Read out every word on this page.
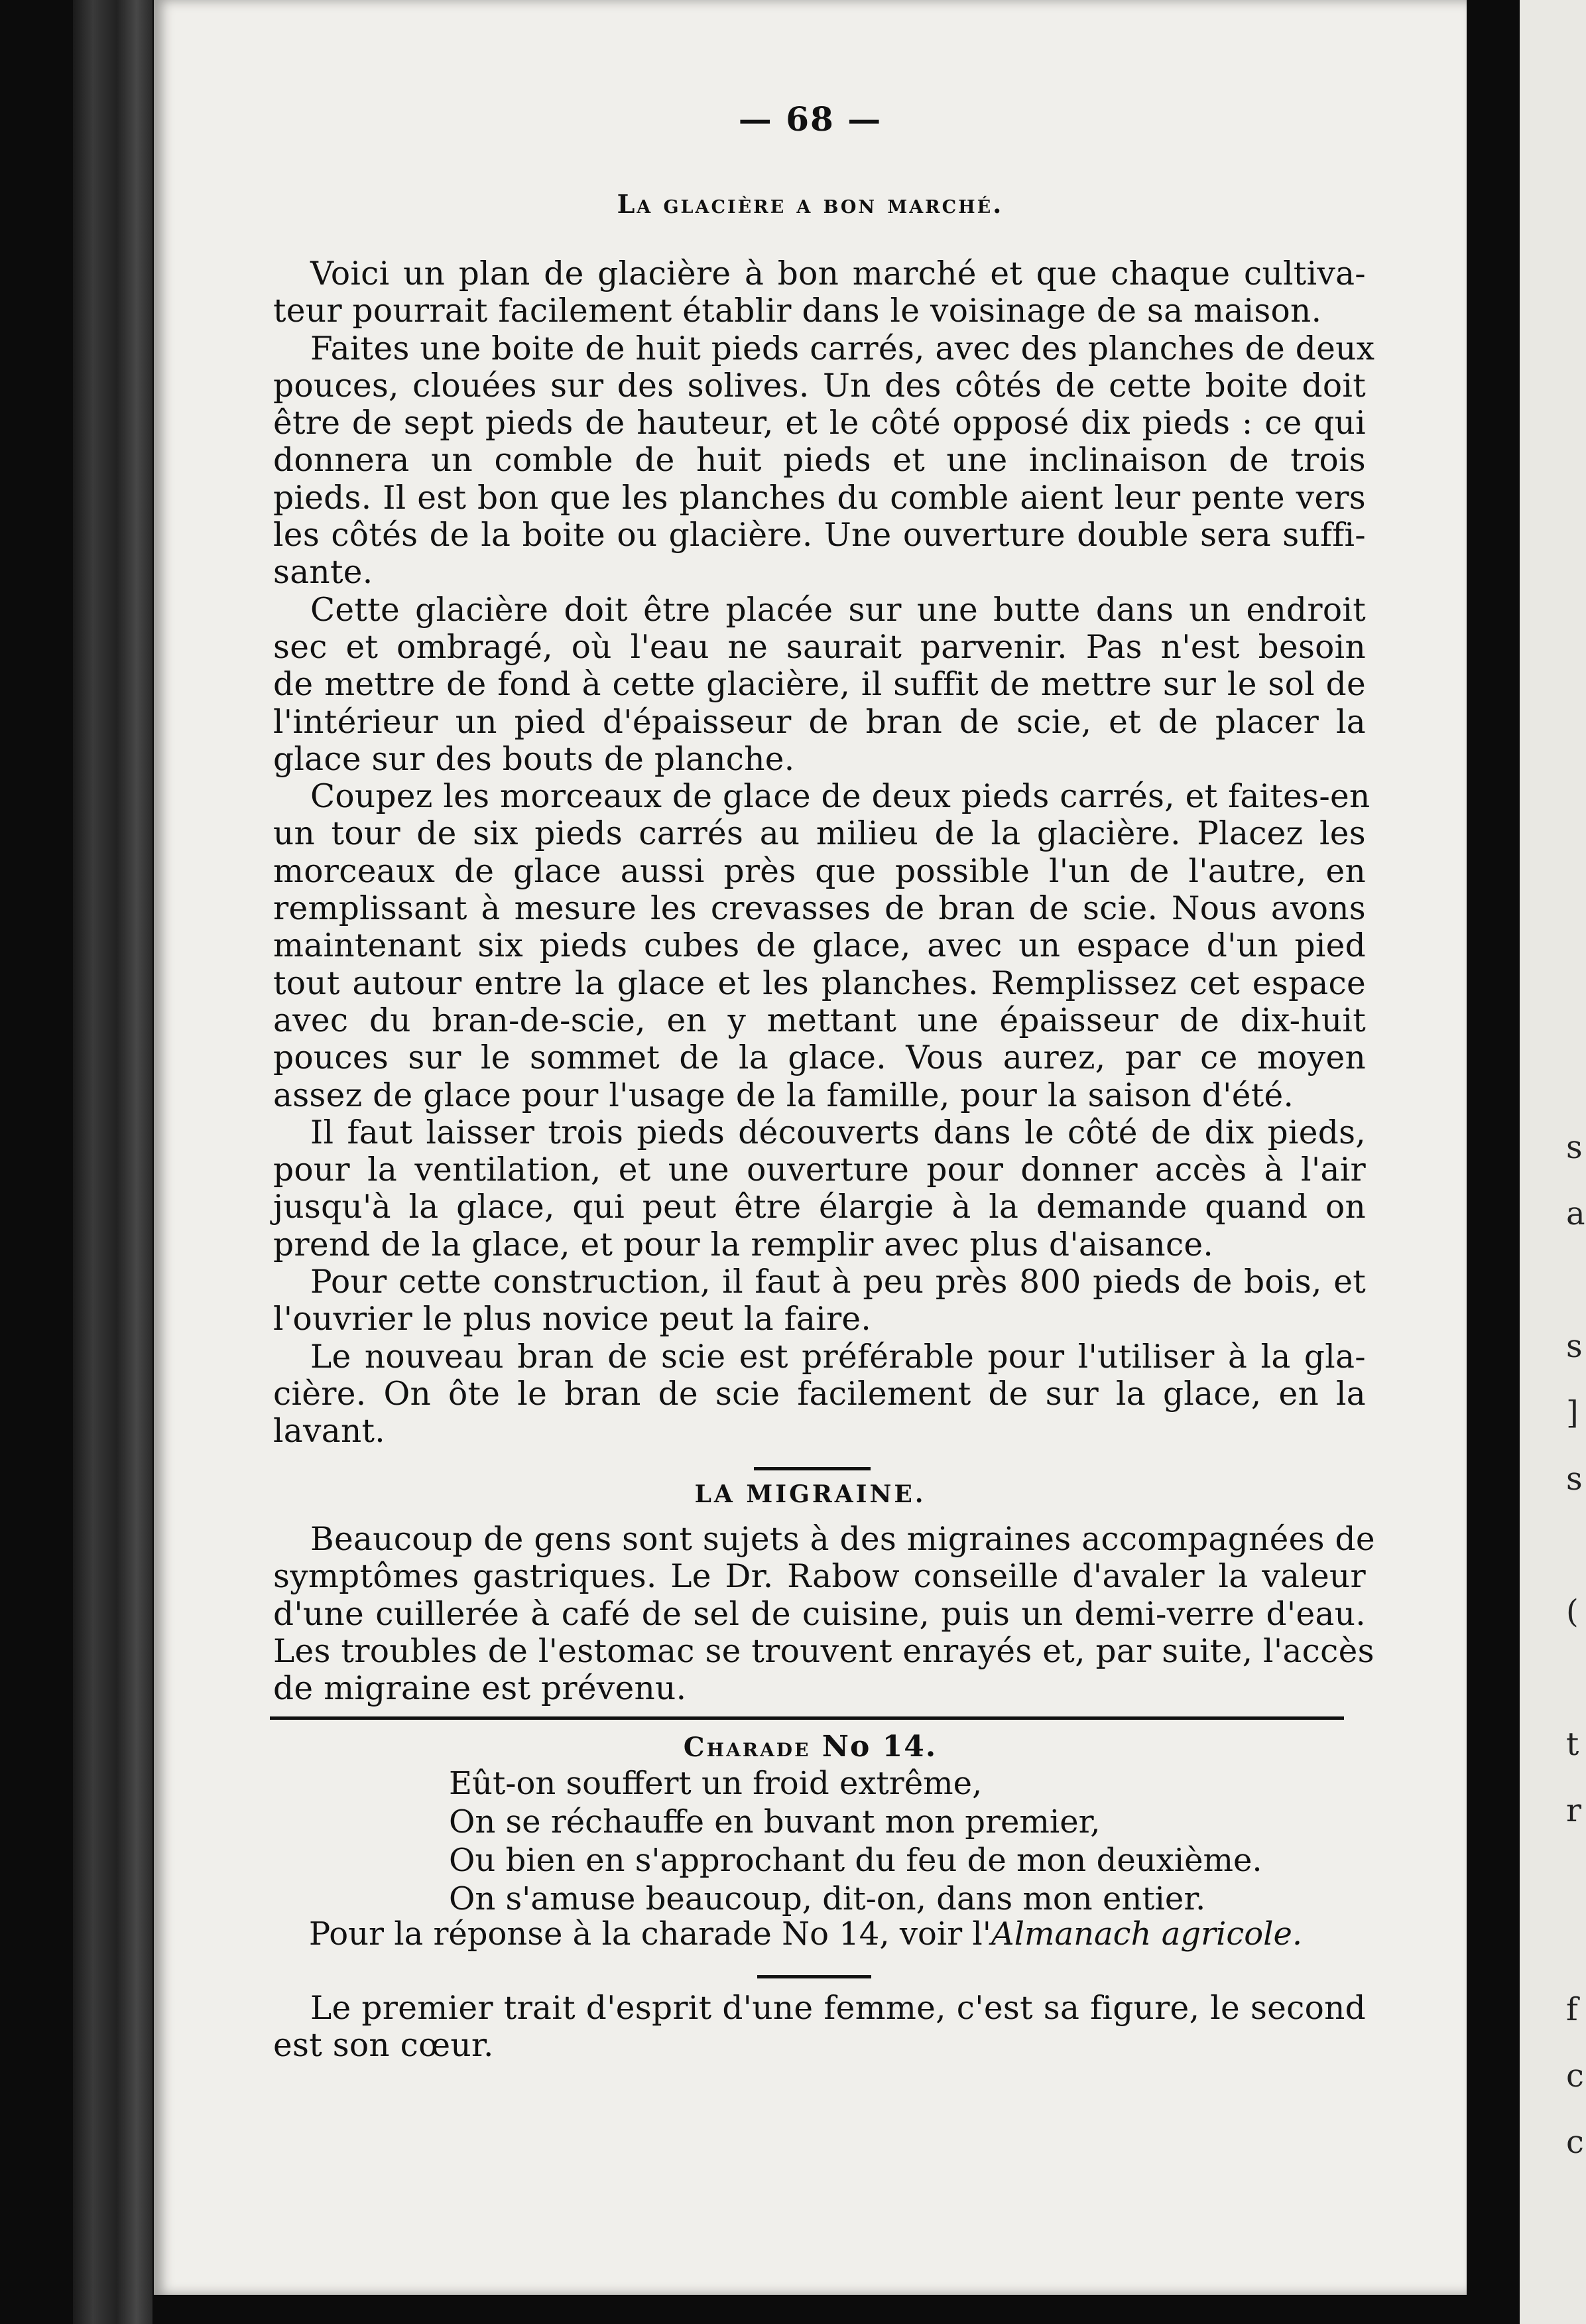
s
a

s
]
s

(

t
r

f
c
c
— 68 —
La glacière a bon marché.
Voici un plan de glacière à bon marché et que chaque cultiva-
teur pourrait facilement établir dans le voisinage de sa maison.
Faites une boite de huit pieds carrés, avec des planches de deux
pouces, clouées sur des solives. Un des côtés de cette boite doit
être de sept pieds de hauteur, et le côté opposé dix pieds : ce qui
donnera un comble de huit pieds et une inclinaison de trois
pieds. Il est bon que les planches du comble aient leur pente vers
les côtés de la boite ou glacière. Une ouverture double sera suffi-
sante.
Cette glacière doit être placée sur une butte dans un endroit
sec et ombragé, où l'eau ne saurait parvenir. Pas n'est besoin
de mettre de fond à cette glacière, il suffit de mettre sur le sol de
l'intérieur un pied d'épaisseur de bran de scie, et de placer la
glace sur des bouts de planche.
Coupez les morceaux de glace de deux pieds carrés, et faites-en
un tour de six pieds carrés au milieu de la glacière. Placez les
morceaux de glace aussi près que possible l'un de l'autre, en
remplissant à mesure les crevasses de bran de scie. Nous avons
maintenant six pieds cubes de glace, avec un espace d'un pied
tout autour entre la glace et les planches. Remplissez cet espace
avec du bran-de-scie, en y mettant une épaisseur de dix-huit
pouces sur le sommet de la glace. Vous aurez, par ce moyen
assez de glace pour l'usage de la famille, pour la saison d'été.
Il faut laisser trois pieds découverts dans le côté de dix pieds,
pour la ventilation, et une ouverture pour donner accès à l'air
jusqu'à la glace, qui peut être élargie à la demande quand on
prend de la glace, et pour la remplir avec plus d'aisance.
Pour cette construction, il faut à peu près 800 pieds de bois, et
l'ouvrier le plus novice peut la faire.
Le nouveau bran de scie est préférable pour l'utiliser à la gla-
cière. On ôte le bran de scie facilement de sur la glace, en la
lavant.
LA MIGRAINE.
Beaucoup de gens sont sujets à des migraines accompagnées de
symptômes gastriques. Le Dr. Rabow conseille d'avaler la valeur
d'une cuillerée à café de sel de cuisine, puis un demi-verre d'eau.
Les troubles de l'estomac se trouvent enrayés et, par suite, l'accès
de migraine est prévenu.
Charade No 14.
Eût-on souffert un froid extrême,
On se réchauffe en buvant mon premier,
Ou bien en s'approchant du feu de mon deuxième.
On s'amuse beaucoup, dit-on, dans mon entier.
Pour la réponse à la charade No 14, voir l'Almanach agricole.
Le premier trait d'esprit d'une femme, c'est sa figure, le second
est son cœur.
